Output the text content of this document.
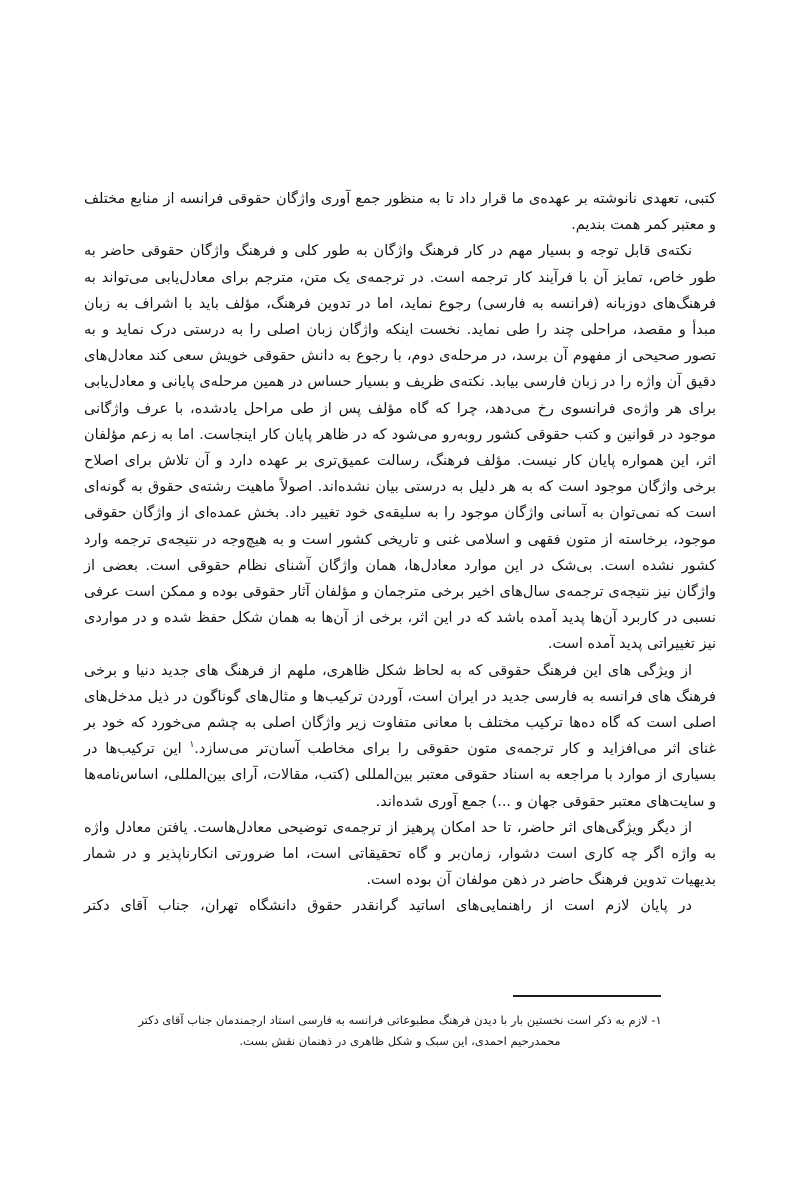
کتبی، تعهدی نانوشته بر عهده‌ی ما قرار داد تا به منظور جمع آوری واژگان حقوقی فرانسه از منابع مختلف و معتبر کمر همت بندیم.

نکته‌ی قابل توجه و بسیار مهم در کار فرهنگ واژگان به طور کلی و فرهنگ واژگان حقوقی حاضر به طور خاص، تمایز آن با فرآیند کار ترجمه است. در ترجمه‌ی یک متن، مترجم برای معادل‌یابی می‌تواند به فرهنگ‌های دوزبانه (فرانسه به فارسی) رجوع نماید، اما در تدوین فرهنگ، مؤلف باید با اشراف به زبان مبدأ و مقصد، مراحلی چند را طی نماید. نخست اینکه واژگان زبان اصلی را به درستی درک نماید و به تصور صحیحی از مفهوم آن برسد، در مرحله‌ی دوم، با رجوع به دانش حقوقی خویش سعی کند معادل‌های دقیق آن واژه را در زبان فارسی بیابد. نکته‌ی ظریف و بسیار حساس در همین مرحله‌ی پایانی و معادل‌یابی برای هر واژه‌ی فرانسوی رخ می‌دهد، چرا که گاه مؤلف پس از طی مراحل یادشده، با عرف واژگانی موجود در قوانین و کتب حقوقی کشور روبه‌رو می‌شود که در ظاهر پایان کار اینجاست. اما به زعم مؤلفان اثر، این همواره پایان کار نیست. مؤلف فرهنگ، رسالت عمیق‌تری بر عهده دارد و آن تلاش برای اصلاح برخی واژگان موجود است که به هر دلیل به درستی بیان نشده‌اند. اصولاً ماهیت رشته‌ی حقوق به گونه‌ای است که نمی‌توان به آسانی واژگان موجود را به سلیقه‌ی خود تغییر داد. بخش عمده‌ای از واژگان حقوقی موجود، برخاسته از متون فقهی و اسلامی غنی و تاریخی کشور است و به هیچ‌وجه در نتیجه‌ی ترجمه وارد کشور نشده است. بی‌شک در این موارد معادل‌ها، همان واژگان آشنای نظام حقوقی است. بعضی از واژگان نیز نتیجه‌ی ترجمه‌ی سال‌های اخیر برخی مترجمان و مؤلفان آثار حقوقی بوده و ممکن است عرفی نسبی در کاربرد آن‌ها پدید آمده باشد که در این اثر، برخی از آن‌ها به همان شکل حفظ شده و در مواردی نیز تغییراتی پدید آمده است.

از ویژگی های این فرهنگ حقوقی که به لحاظ شکل ظاهری، ملهم از فرهنگ های جدید دنیا و برخی فرهنگ های فرانسه به فارسی جدید در ایران است، آوردن ترکیب‌ها و مثال‌های گوناگون در ذیل مدخل‌های اصلی است که گاه ده‌ها ترکیب مختلف با معانی متفاوت زیر واژگان اصلی به چشم می‌خورد که خود بر غنای اثر می‌افزاید و کار ترجمه‌ی متون حقوقی را برای مخاطب آسان‌تر می‌سازد.$^۱$ این ترکیب‌ها در بسیاری از موارد با مراجعه به اسناد حقوقی معتبر بین‌المللی (کتب، مقالات، آرای بین‌المللی، اساس‌نامه‌ها و سایت‌های معتبر حقوقی جهان و ...) جمع آوری شده‌اند.

از دیگر ویژگی‌های اثر حاضر، تا حد امکان پرهیز از ترجمه‌ی توضیحی معادل‌هاست. یافتن معادل واژه به واژه اگر چه کاری است دشوار، زمان‌بر و گاه تحقیقاتی است، اما ضرورتی انکارناپذیر و در شمار بدیهیات تدوین فرهنگ حاضر در ذهن مولفان آن بوده است.

در پایان لازم است از راهنمایی‌های اساتید گرانقدر حقوق دانشگاه تهران، جناب آقای دکتر

۱- لازم به ذکر است نخستین بار با دیدن فرهنگ مطبوعاتی فرانسه به فارسی استاد ارجمندمان جناب آقای دکتر
محمدرحیم احمدی، این سبک و شکل ظاهری در ذهنمان نقش بست.
